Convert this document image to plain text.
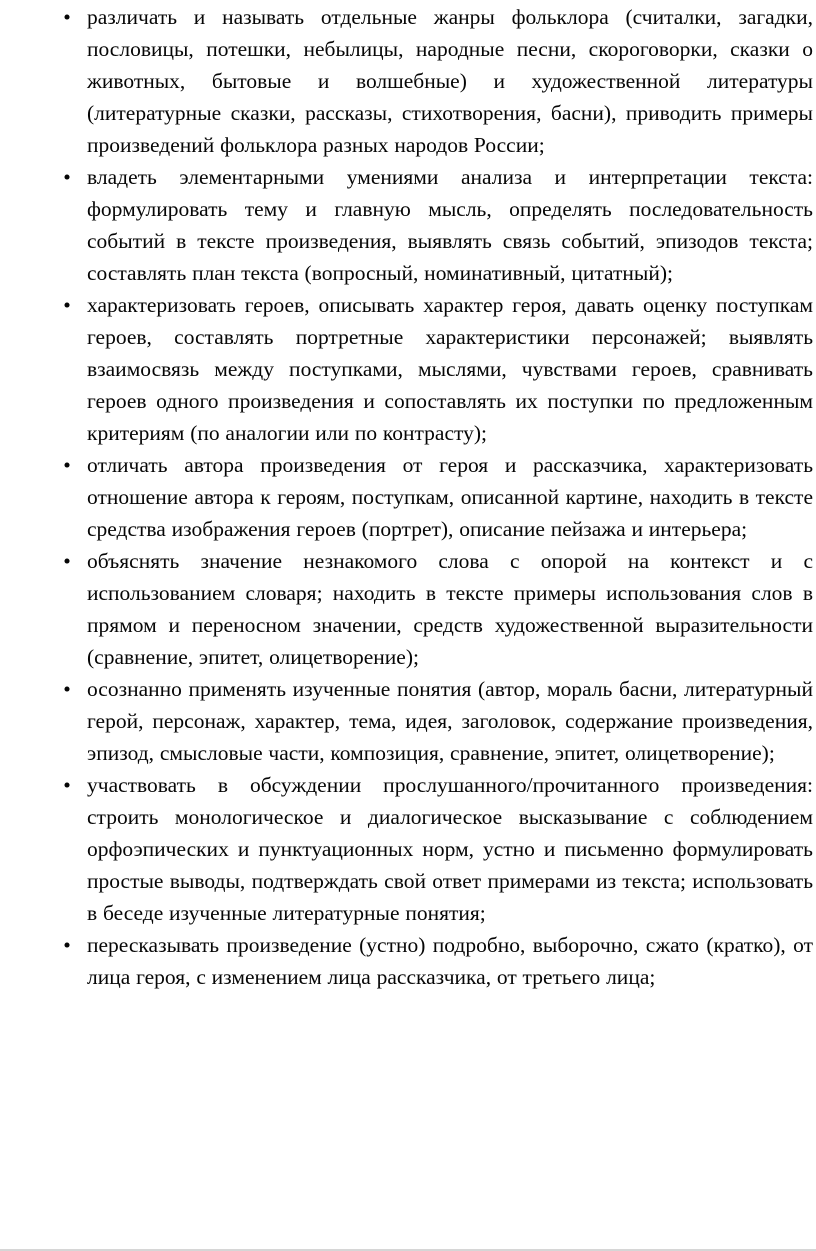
• различать и называть отдельные жанры фольклора (считалки, загадки, пословицы, потешки, небылицы, народные песни, скороговорки, сказки о животных, бытовые и волшебные) и художественной литературы (литературные сказки, рассказы, стихотворения, басни), приводить примеры произведений фольклора разных народов России;
• владеть элементарными умениями анализа и интерпретации текста: формулировать тему и главную мысль, определять последовательность событий в тексте произведения, выявлять связь событий, эпизодов текста; составлять план текста (вопросный, номинативный, цитатный);
• характеризовать героев, описывать характер героя, давать оценку поступкам героев, составлять портретные характеристики персонажей; выявлять взаимосвязь между поступками, мыслями, чувствами героев, сравнивать героев одного произведения и сопоставлять их поступки по предложенным критериям (по аналогии или по контрасту);
• отличать автора произведения от героя и рассказчика, характеризовать отношение автора к героям, поступкам, описанной картине, находить в тексте средства изображения героев (портрет), описание пейзажа и интерьера;
• объяснять значение незнакомого слова с опорой на контекст и с использованием словаря; находить в тексте примеры использования слов в прямом и переносном значении, средств художественной выразительности (сравнение, эпитет, олицетворение);
• осознанно применять изученные понятия (автор, мораль басни, литературный герой, персонаж, характер, тема, идея, заголовок, содержание произведения, эпизод, смысловые части, композиция, сравнение, эпитет, олицетворение);
• участвовать в обсуждении прослушанного/прочитанного произведения: строить монологическое и диалогическое высказывание с соблюдением орфоэпических и пунктуационных норм, устно и письменно формулировать простые выводы, подтверждать свой ответ примерами из текста; использовать в беседе изученные литературные понятия;
• пересказывать произведение (устно) подробно, выборочно, сжато (кратко), от лица героя, с изменением лица рассказчика, от третьего лица;
